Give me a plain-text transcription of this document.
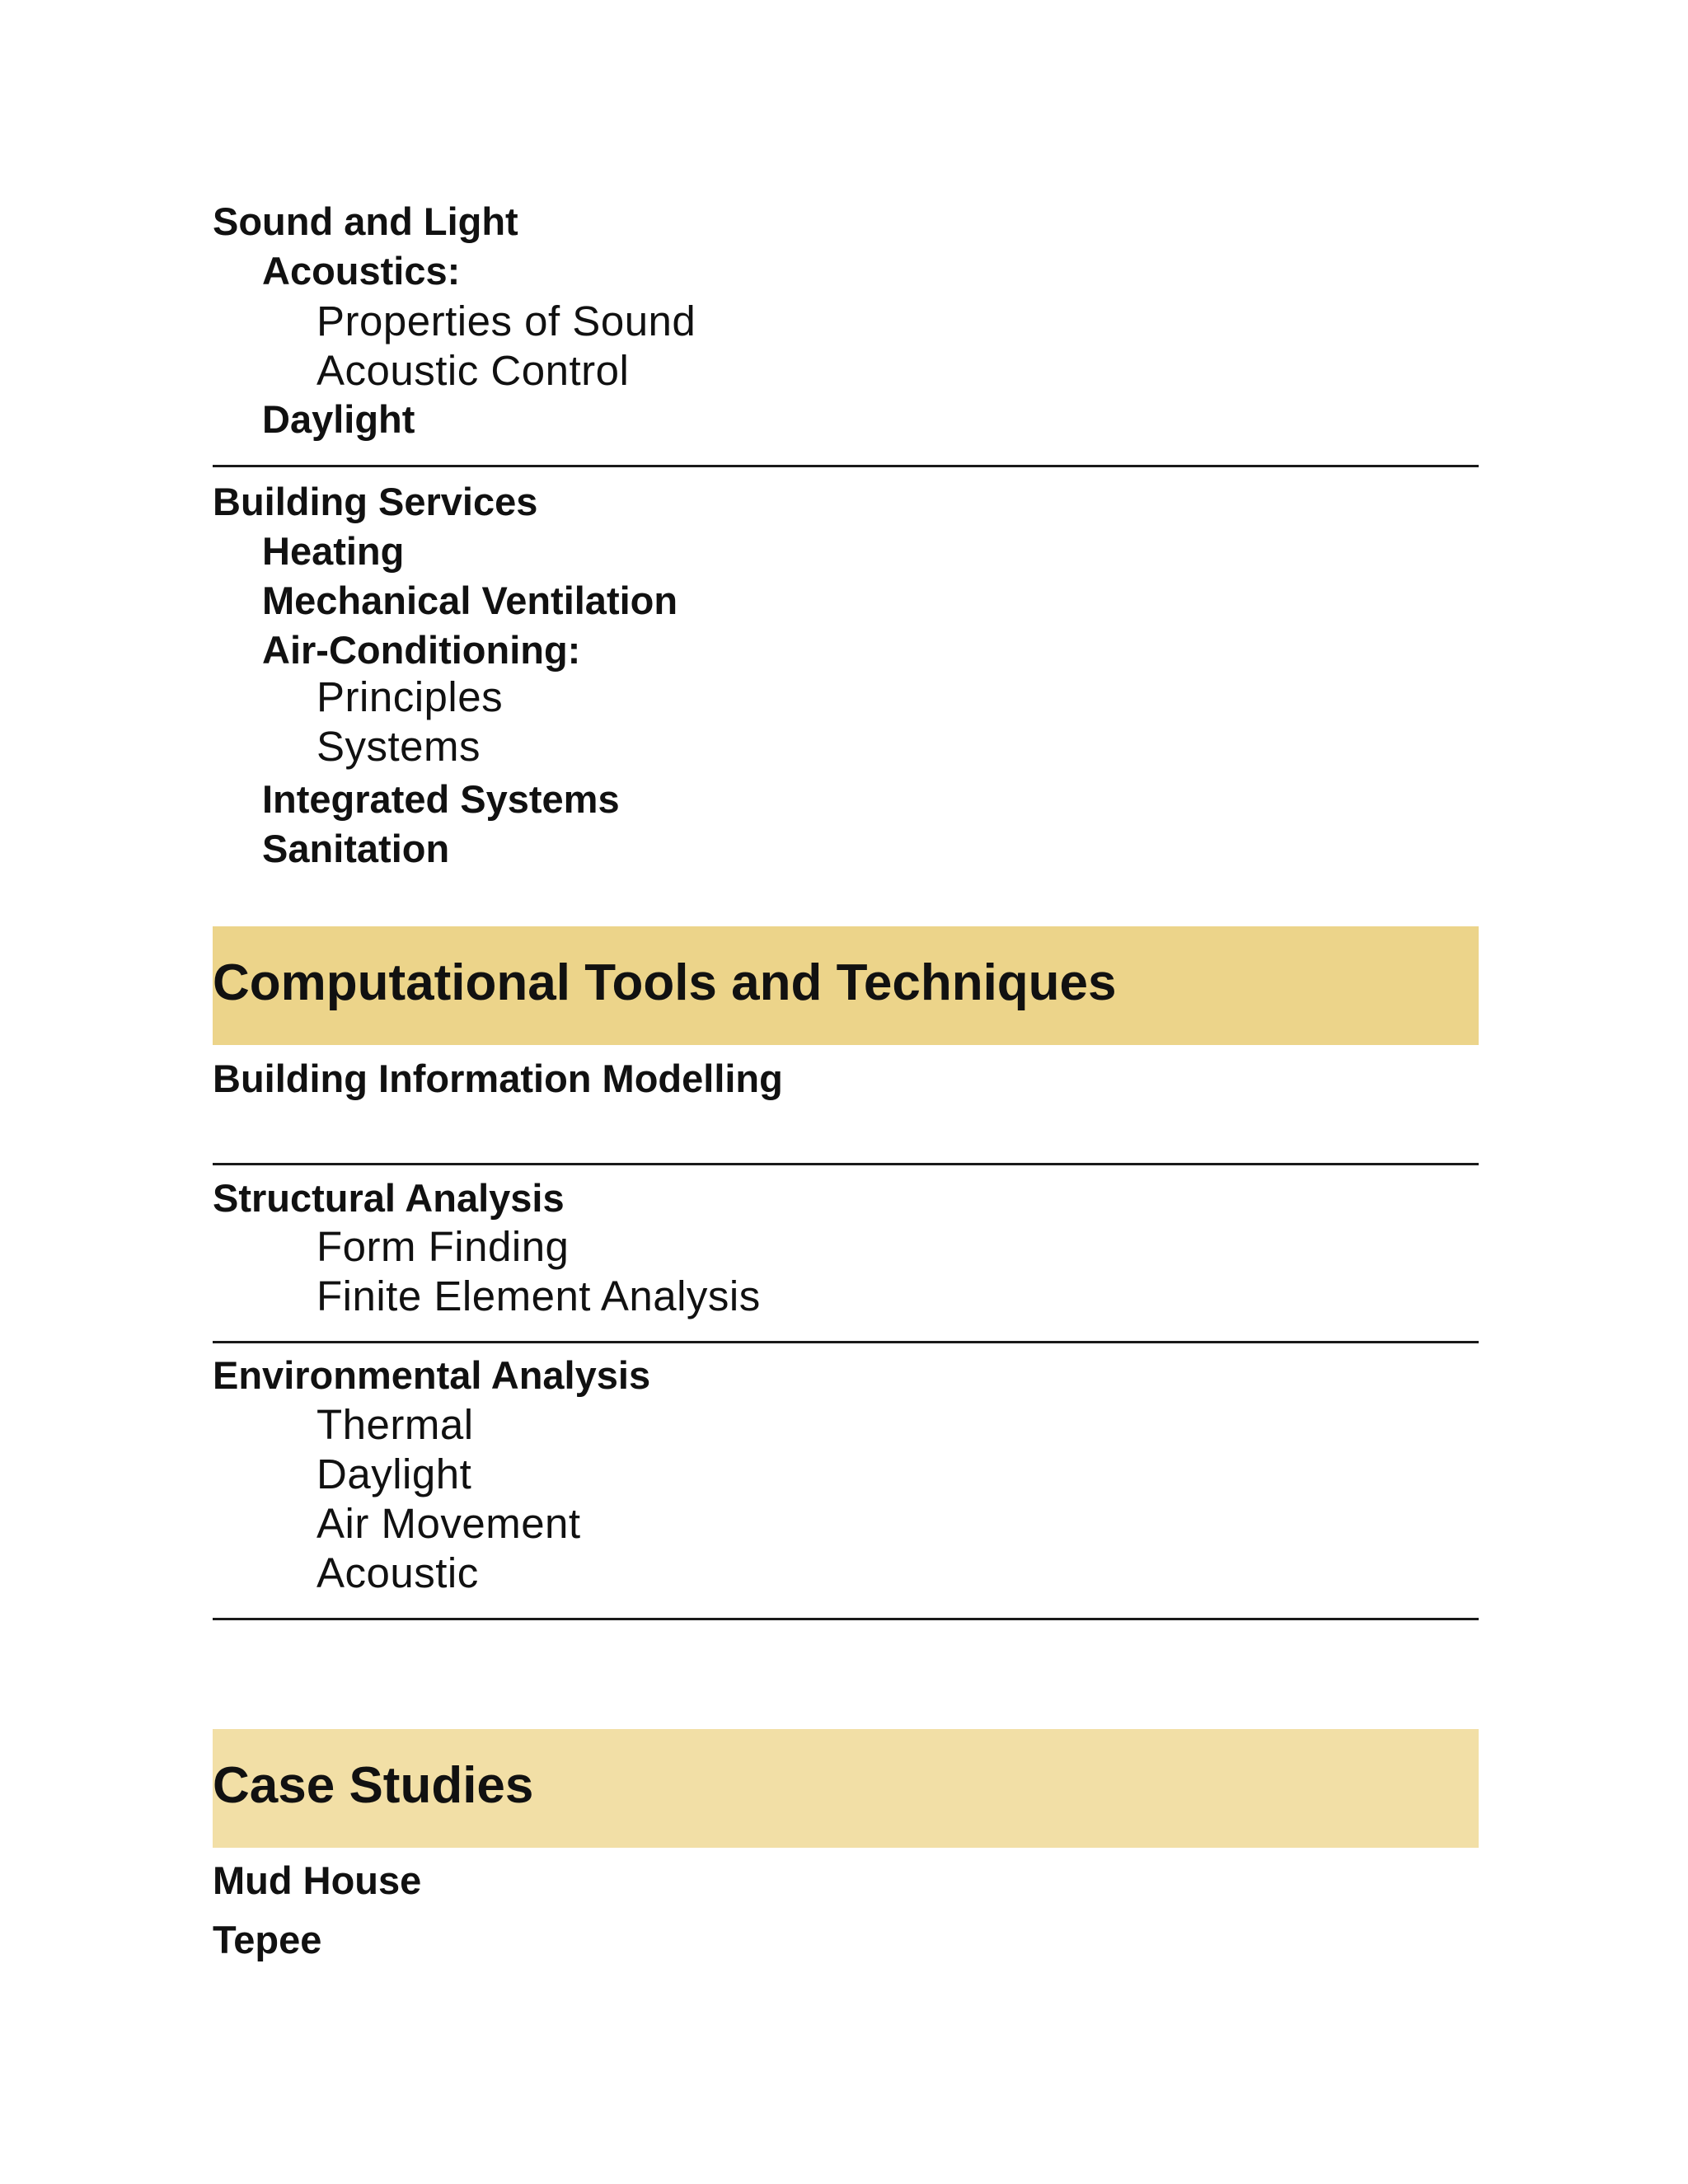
Sound and Light
Acoustics:
Properties of Sound
Acoustic Control
Daylight
Building Services
Heating
Mechanical Ventilation
Air-Conditioning:
Principles
Systems
Integrated Systems
Sanitation
Computational Tools and Techniques
Building Information Modelling
Structural Analysis
Form Finding
Finite Element Analysis
Environmental Analysis
Thermal
Daylight
Air Movement
Acoustic
Case Studies
Mud House
Tepee
